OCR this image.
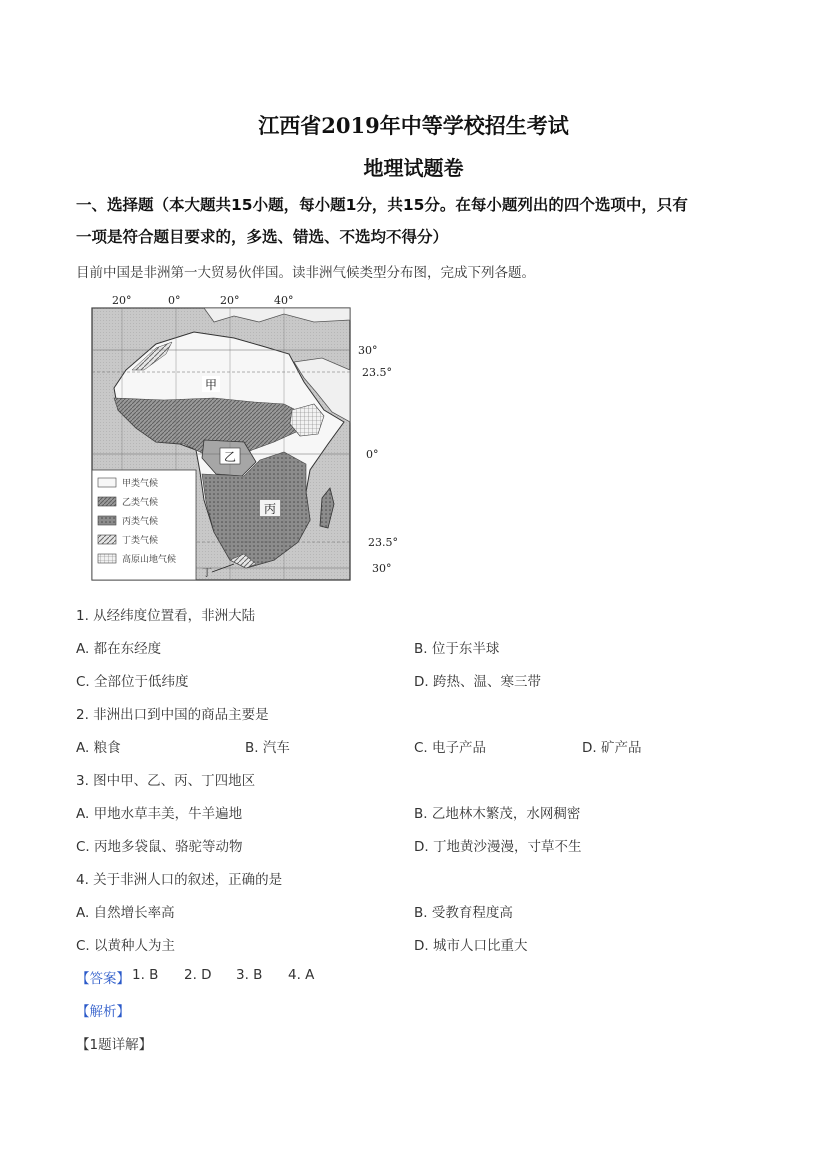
江西省2019年中等学校招生考试
地理试题卷
一、选择题（本大题共15小题，每小题1分，共15分。在每小题列出的四个选项中，只有
一项是符合题目要求的，多选、错选、不选均不得分）
目前中国是非洲第一大贸易伙伴国。读非洲气候类型分布图，完成下列各题。
20°	0°	20°	40°
30°
23.5°
0°
23.5°
30°
甲
乙
丙
丁
甲类气候
乙类气候
丙类气候
丁类气候
高原山地气候
1. 从经纬度位置看，非洲大陆
A. 都在东经度	B. 位于东半球
C. 全部位于低纬度	D. 跨热、温、寒三带
2. 非洲出口到中国的商品主要是
A. 粮食	B. 汽车	C. 电子产品	D. 矿产品
3. 图中甲、乙、丙、丁四地区
A. 甲地水草丰美，牛羊遍地	B. 乙地林木繁茂，水网稠密
C. 丙地多袋鼠、骆驼等动物	D. 丁地黄沙漫漫，寸草不生
4. 关于非洲人口的叙述，正确的是
A. 自然增长率高	B. 受教育程度高
C. 以黄种人为主	D. 城市人口比重大
【答案】 1. B 2. D 3. B 4. A
【解析】
【1题详解】
